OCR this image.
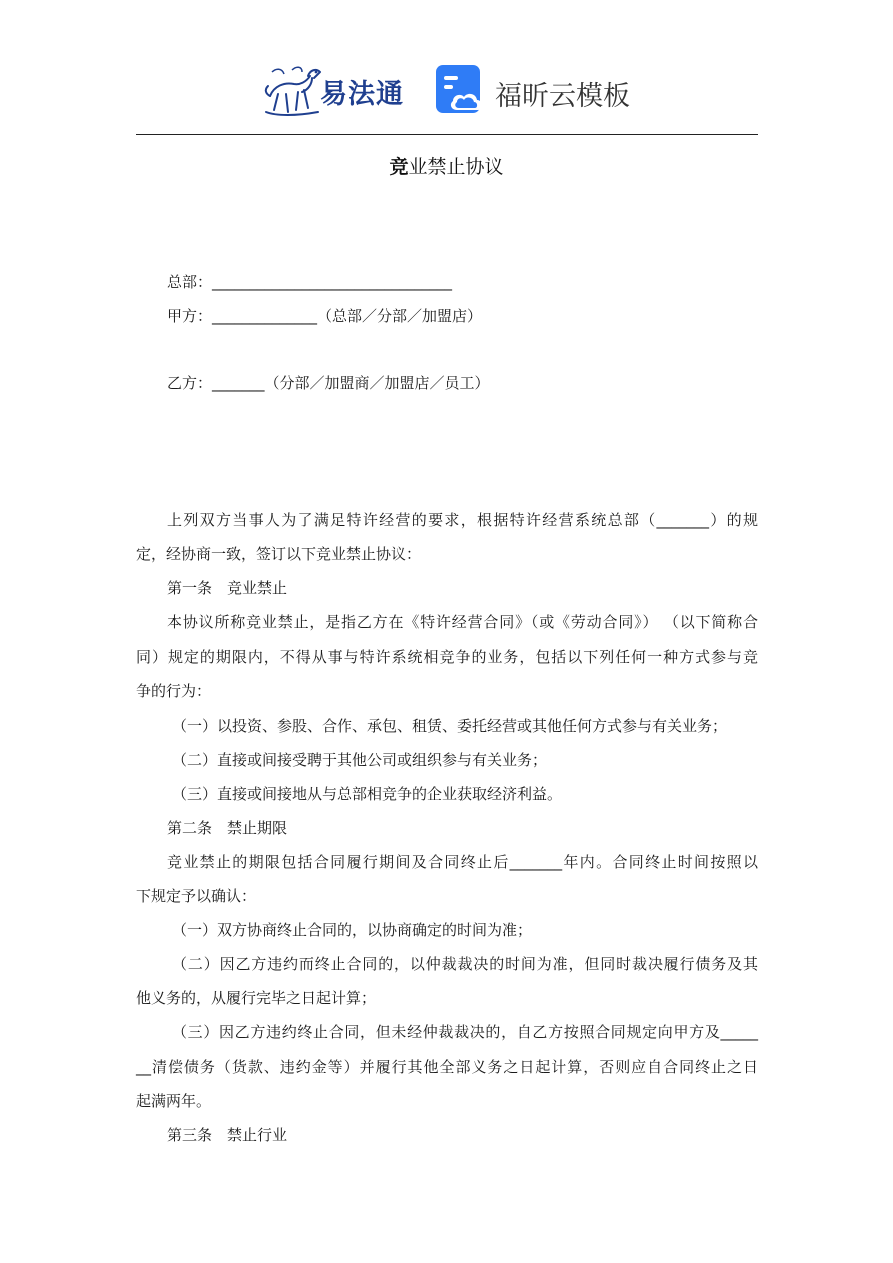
易法通	福昕云模板
竞业禁止协议
总部：________________________________
甲方：______________（总部／分部／加盟店）
乙方：_______（分部／加盟商／加盟店／员工）
上列双方当事人为了满足特许经营的要求，根据特许经营系统总部（_______）的规
定，经协商一致，签订以下竞业禁止协议：
第一条　竞业禁止
本协议所称竞业禁止，是指乙方在《特许经营合同》（或《劳动合同》） （以下简称合
同）规定的期限内，不得从事与特许系统相竞争的业务，包括以下列任何一种方式参与竞
争的行为：
（一）以投资、参股、合作、承包、租赁、委托经营或其他任何方式参与有关业务；
（二）直接或间接受聘于其他公司或组织参与有关业务；
（三）直接或间接地从与总部相竞争的企业获取经济利益。
第二条　禁止期限
竞业禁止的期限包括合同履行期间及合同终止后_______年内。合同终止时间按照以
下规定予以确认：
（一）双方协商终止合同的，以协商确定的时间为准；
（二）因乙方违约而终止合同的，以仲裁裁决的时间为准，但同时裁决履行债务及其
他义务的，从履行完毕之日起计算；
（三）因乙方违约终止合同，但未经仲裁裁决的，自乙方按照合同规定向甲方及_____
__清偿债务（货款、违约金等）并履行其他全部义务之日起计算，否则应自合同终止之日
起满两年。
第三条　禁止行业
